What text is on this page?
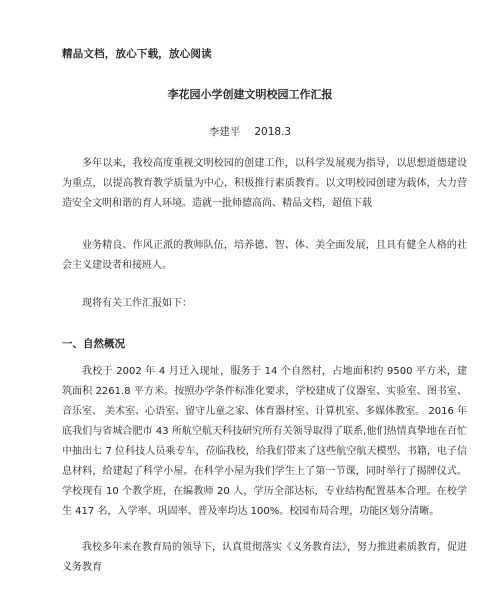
精品文档，放心下载，放心阅读
李花园小学创建文明校园工作汇报
李建平 2018.3

多年以来，我校高度重视文明校园的创建工作，以科学发展观为指导，以思想道德建设为重点，以提高教育教学质量为中心，积极推行素质教育。以文明校园创建为载体，大力营造安全文明和谐的育人环境。造就一批师德高尚、精品文档，超值下载

业务精良、作风正派的教师队伍，培养德、智、体、美全面发展，且具有健全人格的社会主义建设者和接班人。

现将有关工作汇报如下：

一、自然概况

我校于 2002 年 4 月迁入现址，服务于 14 个自然村，占地面积约 9500 平方米，建筑面积 2261.8 平方米。按照办学条件标准化要求，学校建成了仪器室、实验室、图书室、音乐室、 美术室、心语室、留守儿童之家、体育器材室、计算机室、多媒体教室。 2016 年底我们与省城合肥市 43 所航空航天科技研究所有关领导取得了联系,他们热情真挚地在百忙中抽出七 7 位科技人员乘专车，莅临我校，给我们带来了这些航空航天模型、书籍，电子信息材料，给建起了科学小屋。在科学小屋为我们学生上了第一节课，同时举行了揭牌仪式。学校现有 10 个教学班，在编教师 20 人，学历全部达标，专业结构配置基本合理。在校学生 417 名，入学率、巩固率、普及率均达 100%。校园布局合理，功能区划分清晰。

我校多年来在教育局的领导下，认真贯彻落实《义务教育法》，努力推进素质教育，促进义务教育
